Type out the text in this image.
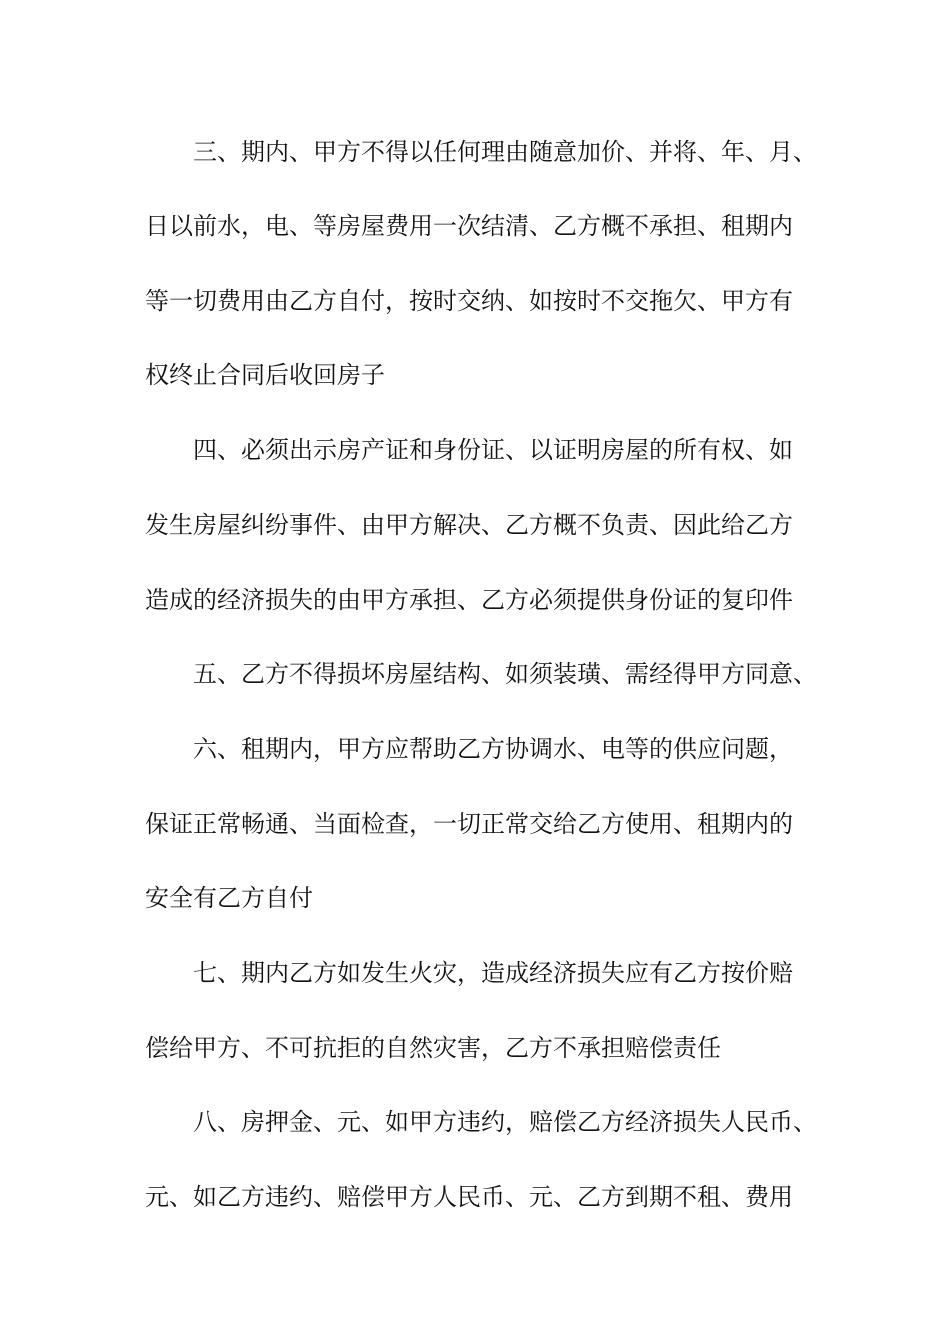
三、期内、甲方不得以任何理由随意加价、并将、年、月、
日以前水，电、等房屋费用一次结清、乙方概不承担、租期内
等一切费用由乙方自付，按时交纳、如按时不交拖欠、甲方有
权终止合同后收回房子
四、必须出示房产证和身份证、以证明房屋的所有权、如
发生房屋纠纷事件、由甲方解决、乙方概不负责、因此给乙方
造成的经济损失的由甲方承担、乙方必须提供身份证的复印件
五、乙方不得损坏房屋结构、如须装璜、需经得甲方同意、
六、租期内，甲方应帮助乙方协调水、电等的供应问题，
保证正常畅通、当面检查，一切正常交给乙方使用、租期内的
安全有乙方自付
七、期内乙方如发生火灾，造成经济损失应有乙方按价赔
偿给甲方、不可抗拒的自然灾害，乙方不承担赔偿责任
八、房押金、元、如甲方违约，赔偿乙方经济损失人民币、
元、如乙方违约、赔偿甲方人民币、元、乙方到期不租、费用
